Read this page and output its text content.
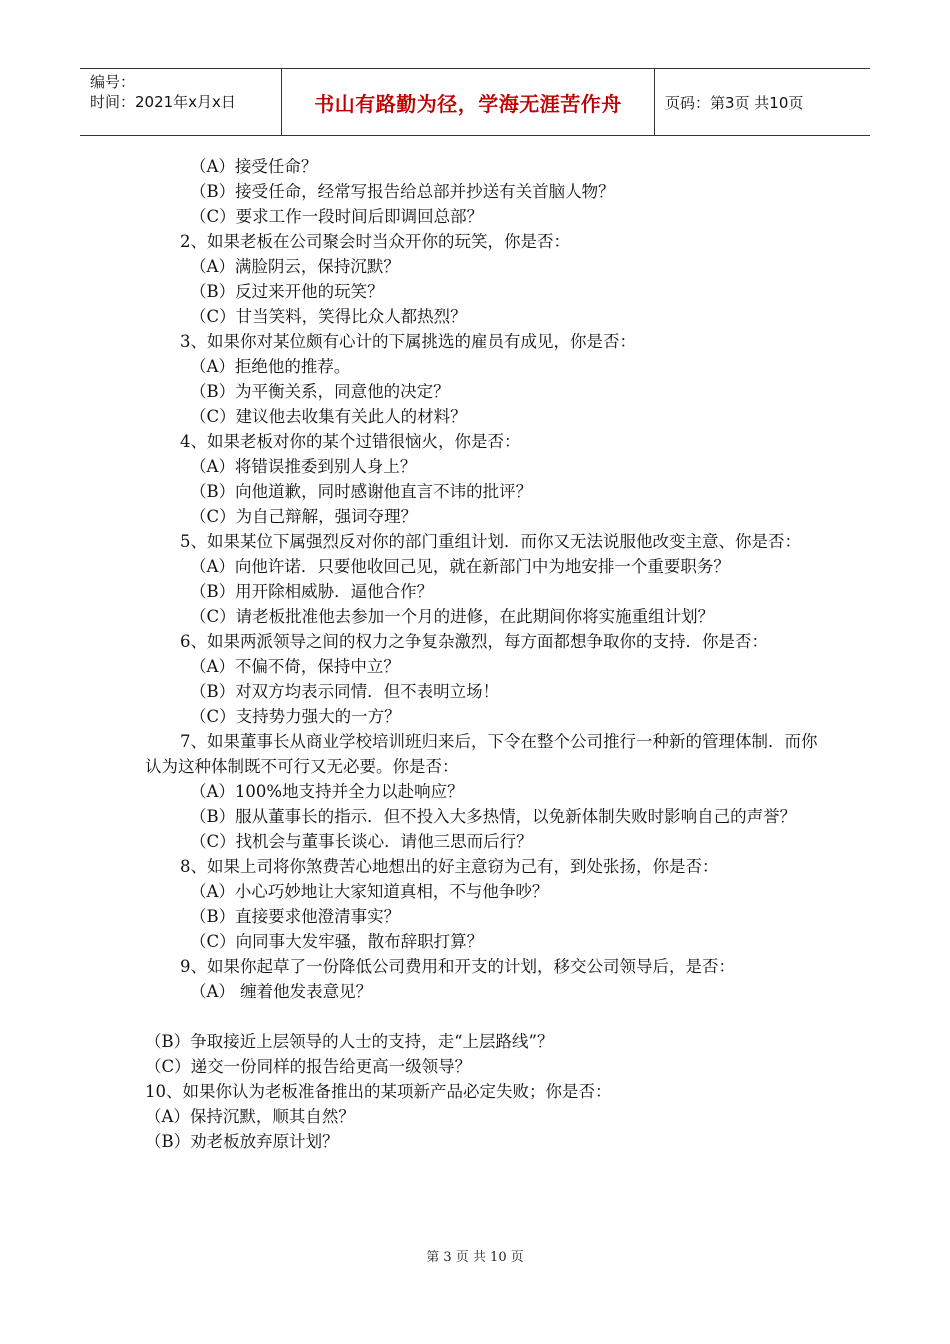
编号：
时间：2021年x月x日	书山有路勤为径，学海无涯苦作舟	页码：第3页 共10页

（A）接受任命？

（B）接受任命，经常写报告给总部并抄送有关首脑人物？

（C）要求工作一段时间后即调回总部？

2、如果老板在公司聚会时当众开你的玩笑，你是否：

（A）满脸阴云，保持沉默？

（B）反过来开他的玩笑？

（C）甘当笑料，笑得比众人都热烈？

3、如果你对某位颇有心计的下属挑选的雇员有成见，你是否：

（A）拒绝他的推荐。

（B）为平衡关系，同意他的决定？

（C）建议他去收集有关此人的材料？

4、如果老板对你的某个过错很恼火，你是否：

（A）将错误推委到别人身上？

（B）向他道歉，同时感谢他直言不讳的批评？

（C）为自己辩解，强词夺理？

5、如果某位下属强烈反对你的部门重组计划．而你又无法说服他改变主意、你是否：

（A）向他许诺．只要他收回己见，就在新部门中为地安排一个重要职务？

（B）用开除相威胁．逼他合作？

（C）请老板批准他去参加一个月的进修，在此期间你将实施重组计划？

6、如果两派领导之间的权力之争复杂激烈，每方面都想争取你的支持．你是否：

（A）不偏不倚，保持中立？

（B）对双方均表示同情．但不表明立场！

（C）支持势力强大的一方？

7、如果董事长从商业学校培训班归来后，下令在整个公司推行一种新的管理体制．而你认为这种体制既不可行又无必要。你是否：

（A）100%地支持并全力以赴响应？

（B）服从董事长的指示．但不投入大多热情，以免新体制失败时影响自己的声誉？

（C）找机会与董事长谈心．请他三思而后行？

8、如果上司将你煞费苦心地想出的好主意窃为己有，到处张扬，你是否：

（A）小心巧妙地让大家知道真相，不与他争吵？

（B）直接要求他澄清事实？

（C）向同事大发牢骚，散布辞职打算？

9、如果你起草了一份降低公司费用和开支的计划，移交公司领导后，是否：

（A） 缠着他发表意见？

（B）争取接近上层领导的人士的支持，走“上层路线”？

（C）递交一份同样的报告给更高一级领导？

10、如果你认为老板准备推出的某项新产品必定失败；你是否：

（A）保持沉默，顺其自然？

（B）劝老板放弃原计划？

第 3 页 共 10 页
